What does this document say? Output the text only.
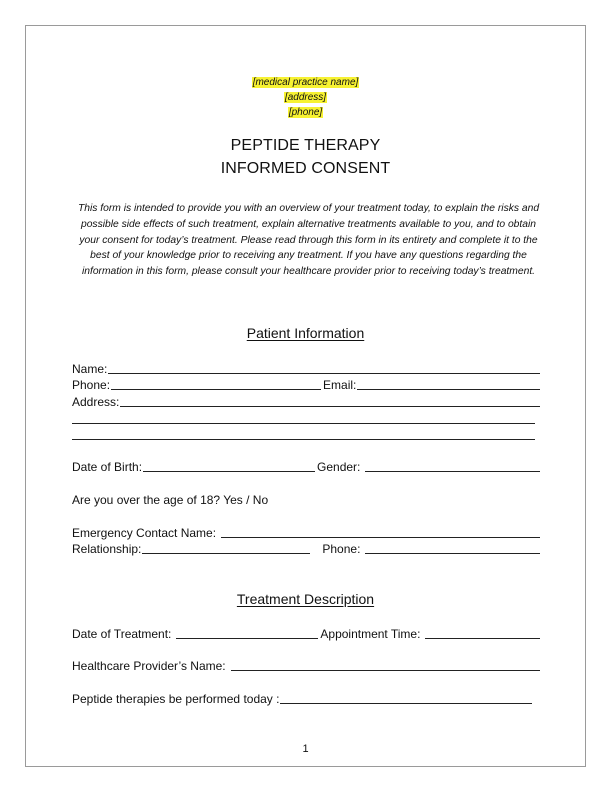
[medical practice name]
[address]
[phone]
PEPTIDE THERAPY
INFORMED CONSENT
This form is intended to provide you with an overview of your treatment today, to explain the risks and possible side effects of such treatment, explain alternative treatments available to you, and to obtain your consent for today’s treatment. Please read through this form in its entirety and complete it to the best of your knowledge prior to receiving any treatment. If you have any questions regarding the information in this form, please consult your healthcare provider prior to receiving today’s treatment.
Patient Information
Name:
Phone:	Email:
Address:
Date of Birth:	Gender:
Are you over the age of 18? Yes / No
Emergency Contact Name:
Relationship:	Phone:
Treatment Description
Date of Treatment:	Appointment Time:
Healthcare Provider’s Name:
Peptide therapies be performed today :
1
